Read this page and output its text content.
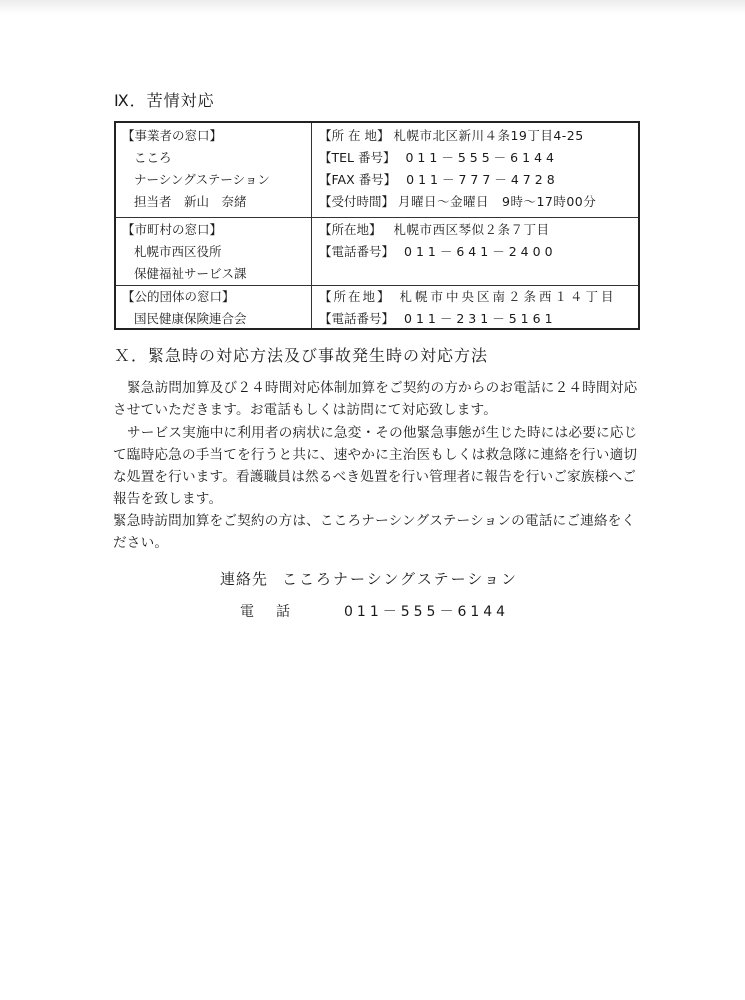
Ⅸ．苦情対応
【事業者の窓口】
こころ
ナーシングステーション
担当者　新山　奈緒
【所 在 地】 札幌市北区新川４条19丁目4-25
【TEL 番号】 011－555－6144
【FAX 番号】 011－777－4728
【受付時間】 月曜日～金曜日　9時～17時00分
【市町村の窓口】
札幌市西区役所
保健福祉サービス課
【所在地】 札幌市西区琴似２条７丁目
【電話番号】 011－641－2400
【公的団体の窓口】
国民健康保険連合会
【所在地】 札幌市中央区南２条西１４丁目
【電話番号】 011－231－5161
Ｘ．緊急時の対応方法及び事故発生時の対応方法

緊急訪問加算及び２４時間対応体制加算をご契約の方からのお電話に２４時間対応させていただきます。お電話もしくは訪問にて対応致します。

サービス実施中に利用者の病状に急変・その他緊急事態が生じた時には必要に応じて臨時応急の手当てを行うと共に、速やかに主治医もしくは救急隊に連絡を行い適切な処置を行います。看護職員は然るべき処置を行い管理者に報告を行いご家族様へご報告を致します。

緊急時訪問加算をご契約の方は、こころナーシングステーションの電話にご連絡をください。

連絡先 こころナーシングステーション
電話 011－555－6144
